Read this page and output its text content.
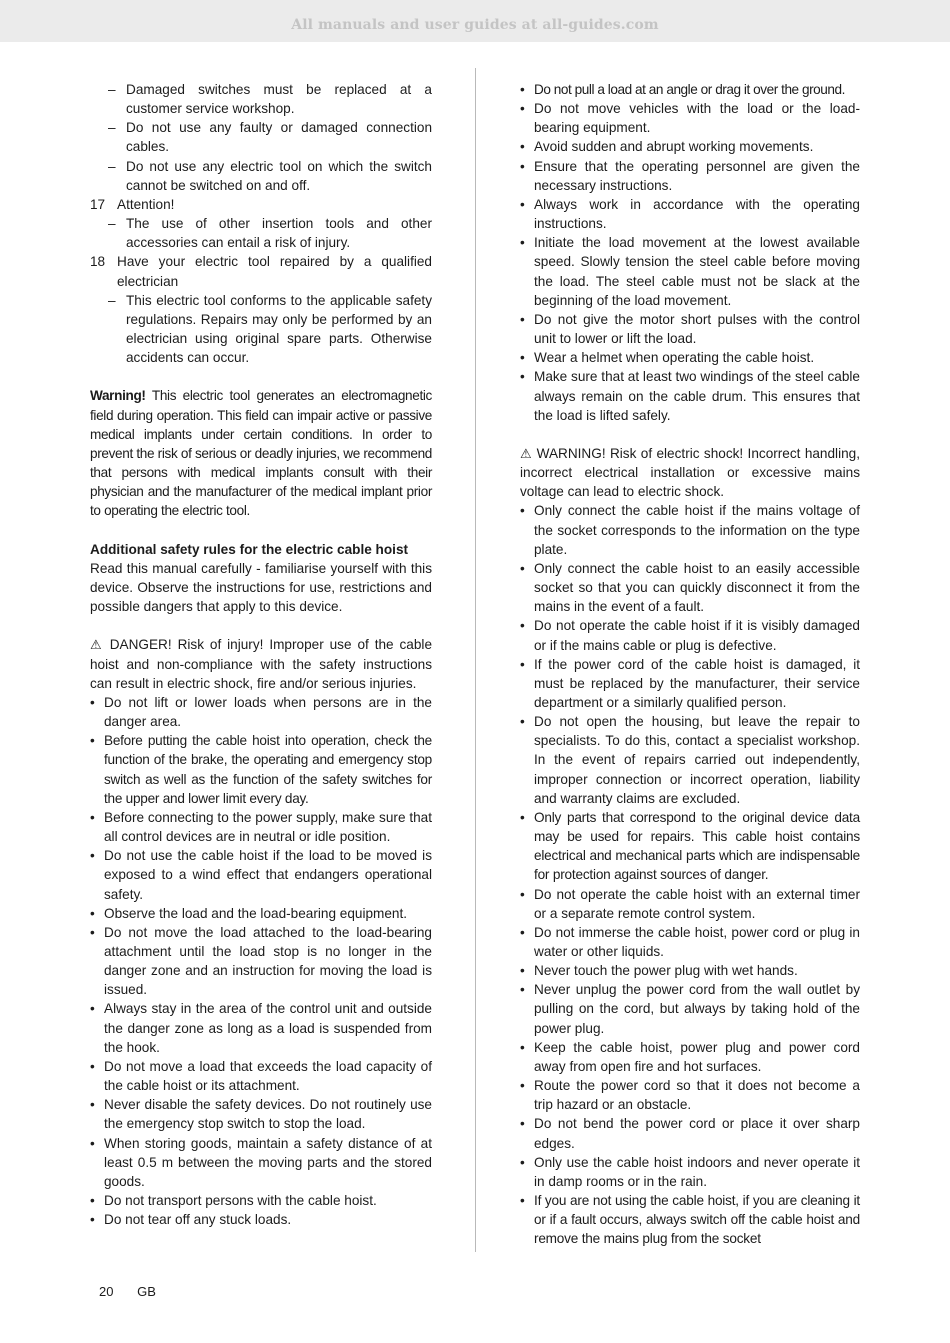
All manuals and user guides at all-guides.com
– Damaged switches must be replaced at a customer service workshop.
– Do not use any faulty or damaged connection cables.
– Do not use any electric tool on which the switch cannot be switched on and off.
17 Attention!
– The use of other insertion tools and other accessories can entail a risk of injury.
18 Have your electric tool repaired by a qualified electrician
– This electric tool conforms to the applicable safety regulations. Repairs may only be performed by an electrician using original spare parts. Otherwise accidents can occur.

Warning! This electric tool generates an electromagnetic field during operation. This field can impair active or passive medical implants under certain conditions. In order to prevent the risk of serious or deadly injuries, we recommend that persons with medical implants consult with their physician and the manufacturer of the medical implant prior to operating the electric tool.

Additional safety rules for the electric cable hoist

Read this manual carefully - familiarise yourself with this device. Observe the instructions for use, restrictions and possible dangers that apply to this device.

⚠ DANGER! Risk of injury! Improper use of the cable hoist and non-compliance with the safety instructions can result in electric shock, fire and/or serious injuries.

• Do not lift or lower loads when persons are in the danger area.
• Before putting the cable hoist into operation, check the function of the brake, the operating and emergency stop switch as well as the function of the safety switches for the upper and lower limit every day.
• Before connecting to the power supply, make sure that all control devices are in neutral or idle position.
• Do not use the cable hoist if the load to be moved is exposed to a wind effect that endangers operational safety.
• Observe the load and the load-bearing equipment.
• Do not move the load attached to the load-bearing attachment until the load stop is no longer in the danger zone and an instruction for moving the load is issued.
• Always stay in the area of the control unit and outside the danger zone as long as a load is suspended from the hook.
• Do not move a load that exceeds the load capacity of the cable hoist or its attachment.
• Never disable the safety devices. Do not routinely use the emergency stop switch to stop the load.
• When storing goods, maintain a safety distance of at least 0.5 m between the moving parts and the stored goods.
• Do not transport persons with the cable hoist.
• Do not tear off any stuck loads.
• Do not pull a load at an angle or drag it over the ground.
• Do not move vehicles with the load or the load-bearing equipment.
• Avoid sudden and abrupt working movements.
• Ensure that the operating personnel are given the necessary instructions.
• Always work in accordance with the operating instructions.
• Initiate the load movement at the lowest available speed. Slowly tension the steel cable before moving the load. The steel cable must not be slack at the beginning of the load movement.
• Do not give the motor short pulses with the control unit to lower or lift the load.
• Wear a helmet when operating the cable hoist.
• Make sure that at least two windings of the steel cable always remain on the cable drum. This ensures that the load is lifted safely.

⚠ WARNING! Risk of electric shock! Incorrect handling, incorrect electrical installation or excessive mains voltage can lead to electric shock.

• Only connect the cable hoist if the mains voltage of the socket corresponds to the information on the type plate.
• Only connect the cable hoist to an easily accessible socket so that you can quickly disconnect it from the mains in the event of a fault.
• Do not operate the cable hoist if it is visibly damaged or if the mains cable or plug is defective.
• If the power cord of the cable hoist is damaged, it must be replaced by the manufacturer, their service department or a similarly qualified person.
• Do not open the housing, but leave the repair to specialists. To do this, contact a specialist workshop. In the event of repairs carried out independently, improper connection or incorrect operation, liability and warranty claims are excluded.
• Only parts that correspond to the original device data may be used for repairs. This cable hoist contains electrical and mechanical parts which are indispensable for protection against sources of danger.
• Do not operate the cable hoist with an external timer or a separate remote control system.
• Do not immerse the cable hoist, power cord or plug in water or other liquids.
• Never touch the power plug with wet hands.
• Never unplug the power cord from the wall outlet by pulling on the cord, but always by taking hold of the power plug.
• Keep the cable hoist, power plug and power cord away from open fire and hot surfaces.
• Route the power cord so that it does not become a trip hazard or an obstacle.
• Do not bend the power cord or place it over sharp edges.
• Only use the cable hoist indoors and never operate it in damp rooms or in the rain.
• If you are not using the cable hoist, if you are cleaning it or if a fault occurs, always switch off the cable hoist and remove the mains plug from the socket
20 GB
